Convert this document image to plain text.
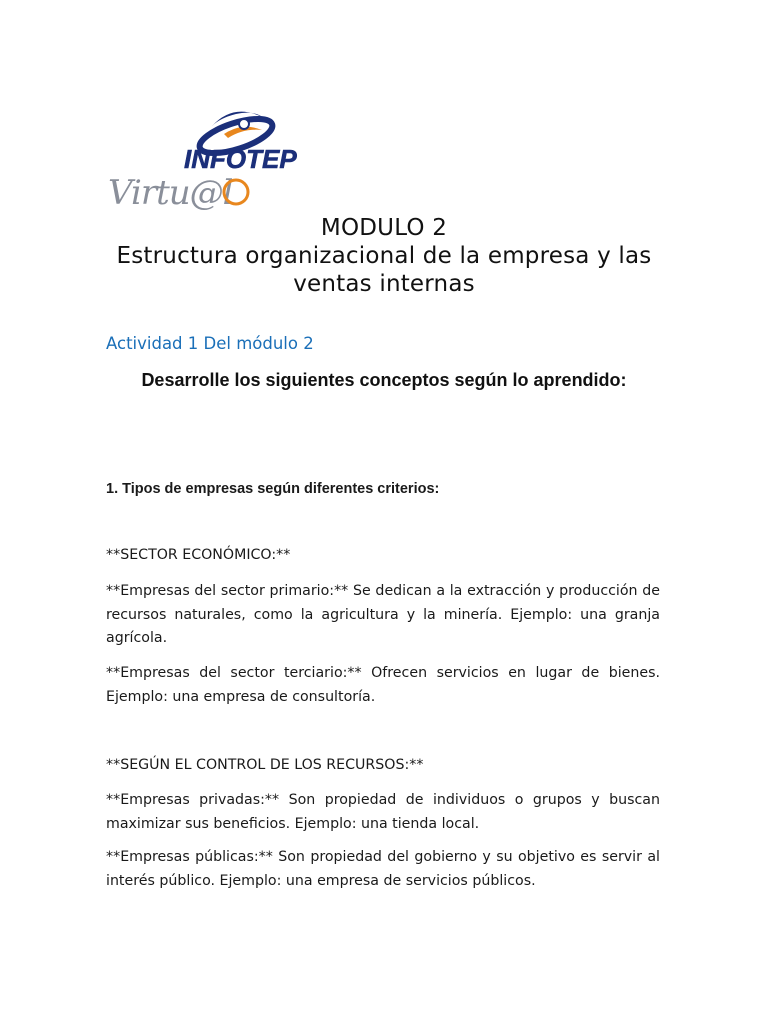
INFOTEP
Virtu@l
MODULO 2
Estructura organizacional de la empresa y las
ventas internas
Actividad 1 Del módulo 2
Desarrolle los siguientes conceptos según lo aprendido:
1. Tipos de empresas según diferentes criterios:
**SECTOR ECONÓMICO:**
**Empresas del sector primario:** Se dedican a la extracción y producción de recursos naturales, como la agricultura y la minería. Ejemplo: una granja agrícola.
**Empresas del sector terciario:** Ofrecen servicios en lugar de bienes. Ejemplo: una empresa de consultoría.
**SEGÚN EL CONTROL DE LOS RECURSOS:**
**Empresas privadas:** Son propiedad de individuos o grupos y buscan maximizar sus beneficios. Ejemplo: una tienda local.
**Empresas públicas:** Son propiedad del gobierno y su objetivo es servir al interés público. Ejemplo: una empresa de servicios públicos.
